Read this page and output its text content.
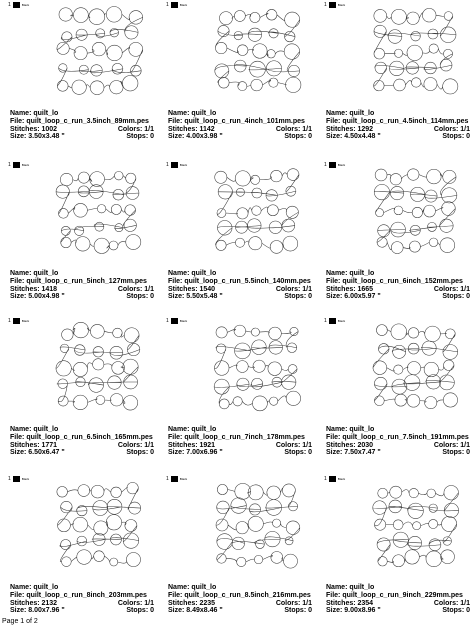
1	Black
Name: quilt_lo
File: quilt_loop_c_run_3.5inch_89mm.pes
Stitches: 1002	Colors: 1/1
Size: 3.50x3.48 "	Stops: 0
1	Black
Name: quilt_lo
File: quilt_loop_c_run_4inch_101mm.pes
Stitches: 1142	Colors: 1/1
Size: 4.00x3.98 "	Stops: 0
1	Black
Name: quilt_lo
File: quilt_loop_c_run_4.5inch_114mm.pes
Stitches: 1292	Colors: 1/1
Size: 4.50x4.48 "	Stops: 0
1	Black
Name: quilt_lo
File: quilt_loop_c_run_5inch_127mm.pes
Stitches: 1418	Colors: 1/1
Size: 5.00x4.98 "	Stops: 0
1	Black
Name: quilt_lo
File: quilt_loop_c_run_5.5inch_140mm.pes
Stitches: 1540	Colors: 1/1
Size: 5.50x5.48 "	Stops: 0
1	Black
Name: quilt_lo
File: quilt_loop_c_run_6inch_152mm.pes
Stitches: 1665	Colors: 1/1
Size: 6.00x5.97 "	Stops: 0
1	Black
Name: quilt_lo
File: quilt_loop_c_run_6.5inch_165mm.pes
Stitches: 1771	Colors: 1/1
Size: 6.50x6.47 "	Stops: 0
1	Black
Name: quilt_lo
File: quilt_loop_c_run_7inch_178mm.pes
Stitches: 1921	Colors: 1/1
Size: 7.00x6.96 "	Stops: 0
1	Black
Name: quilt_lo
File: quilt_loop_c_run_7.5inch_191mm.pes
Stitches: 2030	Colors: 1/1
Size: 7.50x7.47 "	Stops: 0
1	Black
Name: quilt_lo
File: quilt_loop_c_run_8inch_203mm.pes
Stitches: 2132	Colors: 1/1
Size: 8.00x7.96 "	Stops: 0
1	Black
Name: quilt_lo
File: quilt_loop_c_run_8.5inch_216mm.pes
Stitches: 2235	Colors: 1/1
Size: 8.49x8.46 "	Stops: 0
1	Black
Name: quilt_lo
File: quilt_loop_c_run_9inch_229mm.pes
Stitches: 2354	Colors: 1/1
Size: 9.00x8.96 "	Stops: 0
Page 1 of 2
